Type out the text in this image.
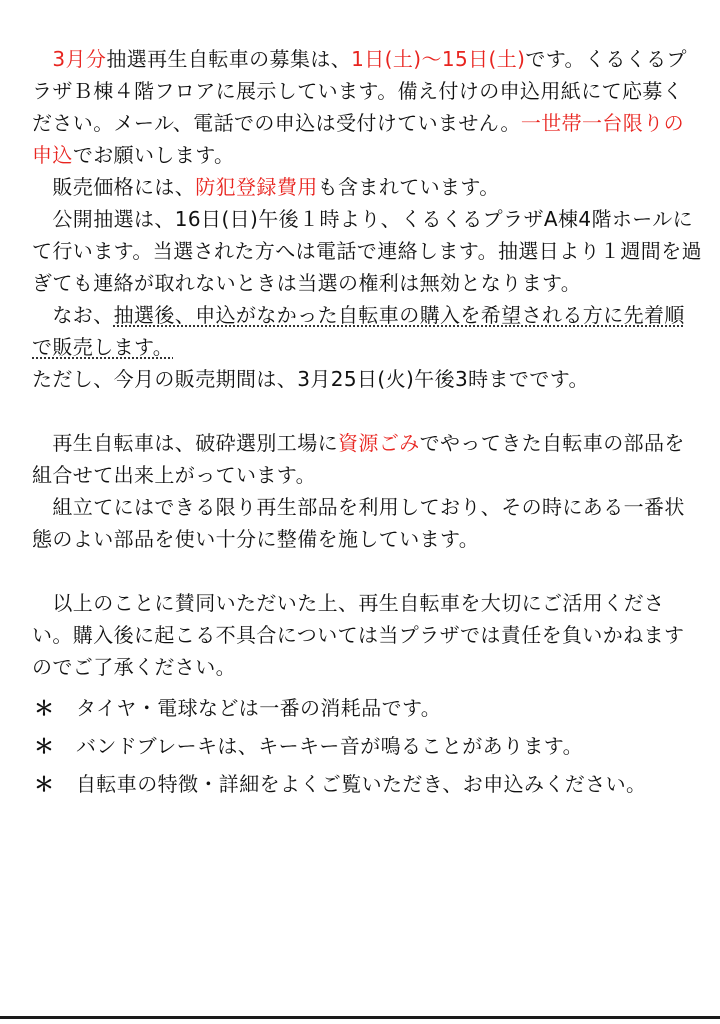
　3月分抽選再生自転車の募集は、1日(土)～15日(土)です。くるくるプラザＢ棟４階フロアに展示しています。備え付けの申込用紙にて応募ください。メール、電話での申込は受付けていません。一世帯一台限りの申込でお願いします。

　販売価格には、防犯登録費用も含まれています。

　公開抽選は、16日(日)午後１時より、くるくるプラザA棟4階ホールにて行います。当選された方へは電話で連絡します。抽選日より１週間を過ぎても連絡が取れないときは当選の権利は無効となります。

　なお、抽選後、申込がなかった自転車の購入を希望される方に先着順で販売します。

ただし、今月の販売期間は、3月25日(火)午後3時までです。

　再生自転車は、破砕選別工場に資源ごみでやってきた自転車の部品を組合せて出来上がっています。

　組立てにはできる限り再生部品を利用しており、その時にある一番状態のよい部品を使い十分に整備を施しています。

　以上のことに賛同いただいた上、再生自転車を大切にご活用ください。購入後に起こる不具合については当プラザでは責任を負いかねますのでご了承ください。

＊	タイヤ・電球などは一番の消耗品です。
＊	バンドブレーキは、キーキー音が鳴ることがあります。
＊	自転車の特徴・詳細をよくご覧いただき、お申込みください。
